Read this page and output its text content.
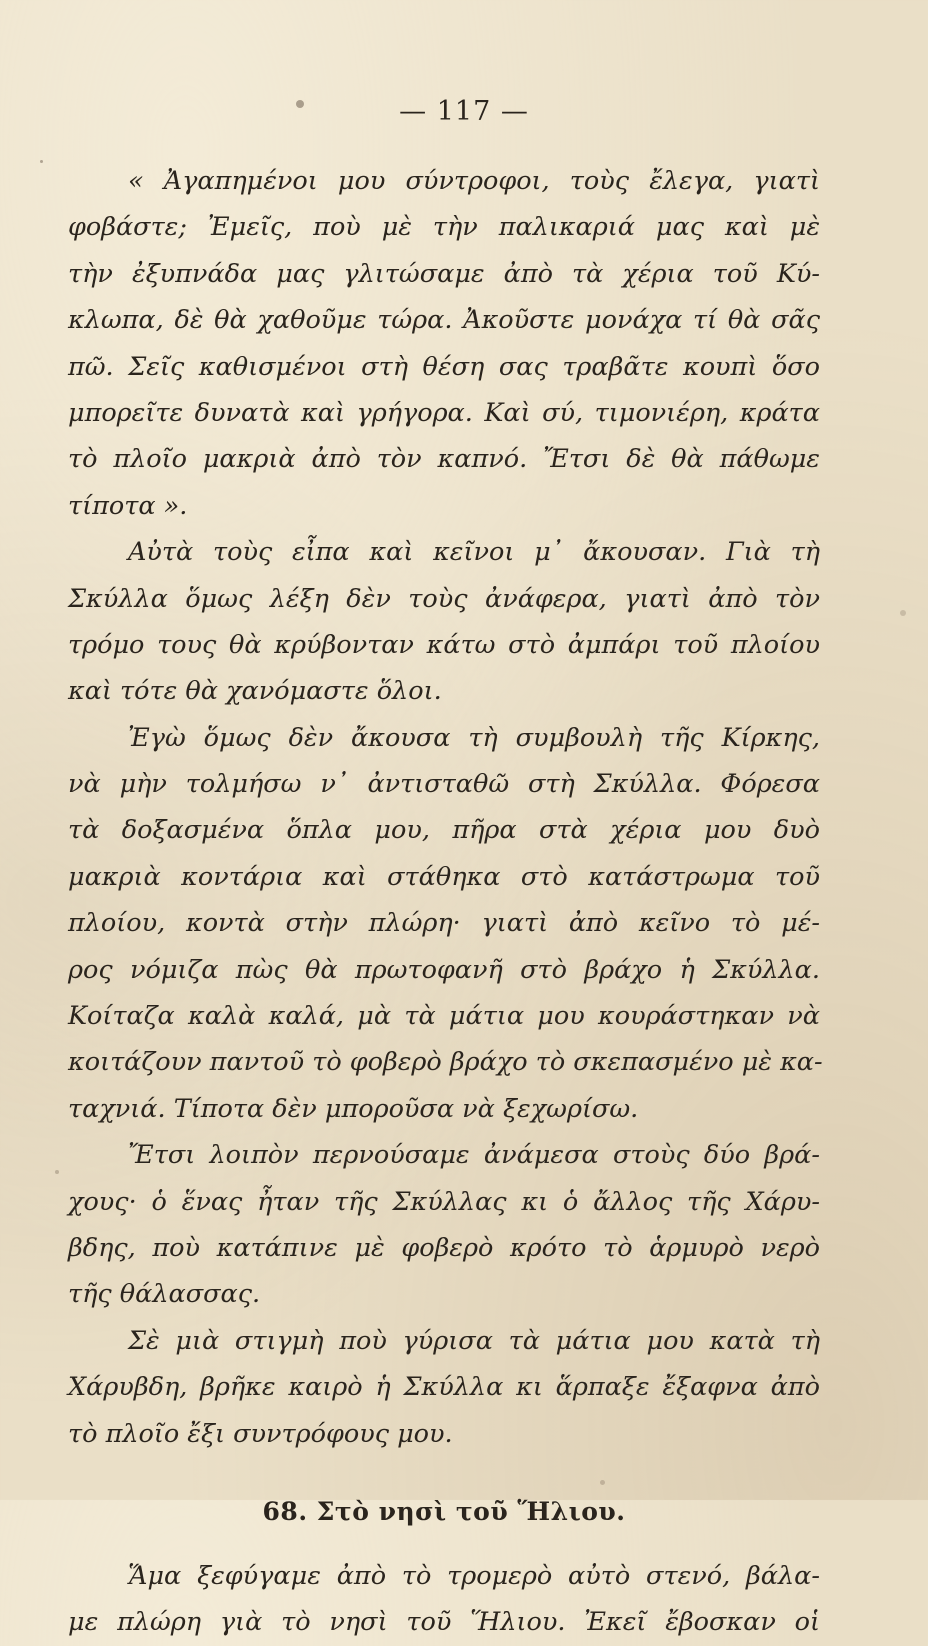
— 117 —
« Ἀγαπημένοι μου σύντροφοι, τοὺς ἔλεγα, γιατὶ
φοβάστε; Ἐμεῖς, ποὺ μὲ τὴν παλικαριά μας καὶ μὲ
τὴν ἐξυπνάδα μας γλιτώσαμε ἀπὸ τὰ χέρια τοῦ Κύ-
κλωπα, δὲ θὰ χαθοῦμε τώρα. Ἀκοῦστε μονάχα τί θὰ σᾶς
πῶ. Σεῖς καθισμένοι στὴ θέση σας τραβᾶτε κουπὶ ὅσο
μπορεῖτε δυνατὰ καὶ γρήγορα. Καὶ σύ, τιμονιέρη, κράτα
τὸ πλοῖο μακριὰ ἀπὸ τὸν καπνό. Ἔτσι δὲ θὰ πάθωμε
τίποτα ».
Αὐτὰ τοὺς εἶπα καὶ κεῖνοι μ᾿ ἄκουσαν. Γιὰ τὴ
Σκύλλα ὅμως λέξη δὲν τοὺς ἀνάφερα, γιατὶ ἀπὸ τὸν
τρόμο τους θὰ κρύβονταν κάτω στὸ ἀμπάρι τοῦ πλοίου
καὶ τότε θὰ χανόμαστε ὅλοι.
Ἐγὼ ὅμως δὲν ἄκουσα τὴ συμβουλὴ τῆς Κίρκης,
νὰ μὴν τολμήσω ν᾿ ἀντισταθῶ στὴ Σκύλλα. Φόρεσα
τὰ δοξασμένα ὅπλα μου, πῆρα στὰ χέρια μου δυὸ
μακριὰ κοντάρια καὶ στάθηκα στὸ κατάστρωμα τοῦ
πλοίου, κοντὰ στὴν πλώρη· γιατὶ ἀπὸ κεῖνο τὸ μέ-
ρος νόμιζα πὼς θὰ πρωτοφανῆ στὸ βράχο ἡ Σκύλλα.
Κοίταζα καλὰ καλά, μὰ τὰ μάτια μου κουράστηκαν νὰ
κοιτάζουν παντοῦ τὸ φοβερὸ βράχο τὸ σκεπασμένο μὲ κα-
ταχνιά. Τίποτα δὲν μποροῦσα νὰ ξεχωρίσω.
Ἔτσι λοιπὸν περνούσαμε ἀνάμεσα στοὺς δύο βρά-
χους· ὁ ἕνας ἦταν τῆς Σκύλλας κι ὁ ἄλλος τῆς Χάρυ-
βδης, ποὺ κατάπινε μὲ φοβερὸ κρότο τὸ ἁρμυρὸ νερὸ
τῆς θάλασσας.
Σὲ μιὰ στιγμὴ ποὺ γύρισα τὰ μάτια μου κατὰ τὴ
Χάρυβδη, βρῆκε καιρὸ ἡ Σκύλλα κι ἅρπαξε ἔξαφνα ἀπὸ
τὸ πλοῖο ἔξι συντρόφους μου.
68. Στὸ νησὶ τοῦ Ἥλιου.
Ἅμα ξεφύγαμε ἀπὸ τὸ τρομερὸ αὐτὸ στενό, βάλα-
με πλώρη γιὰ τὸ νησὶ τοῦ Ἥλιου. Ἐκεῖ ἔβοσκαν οἱ
